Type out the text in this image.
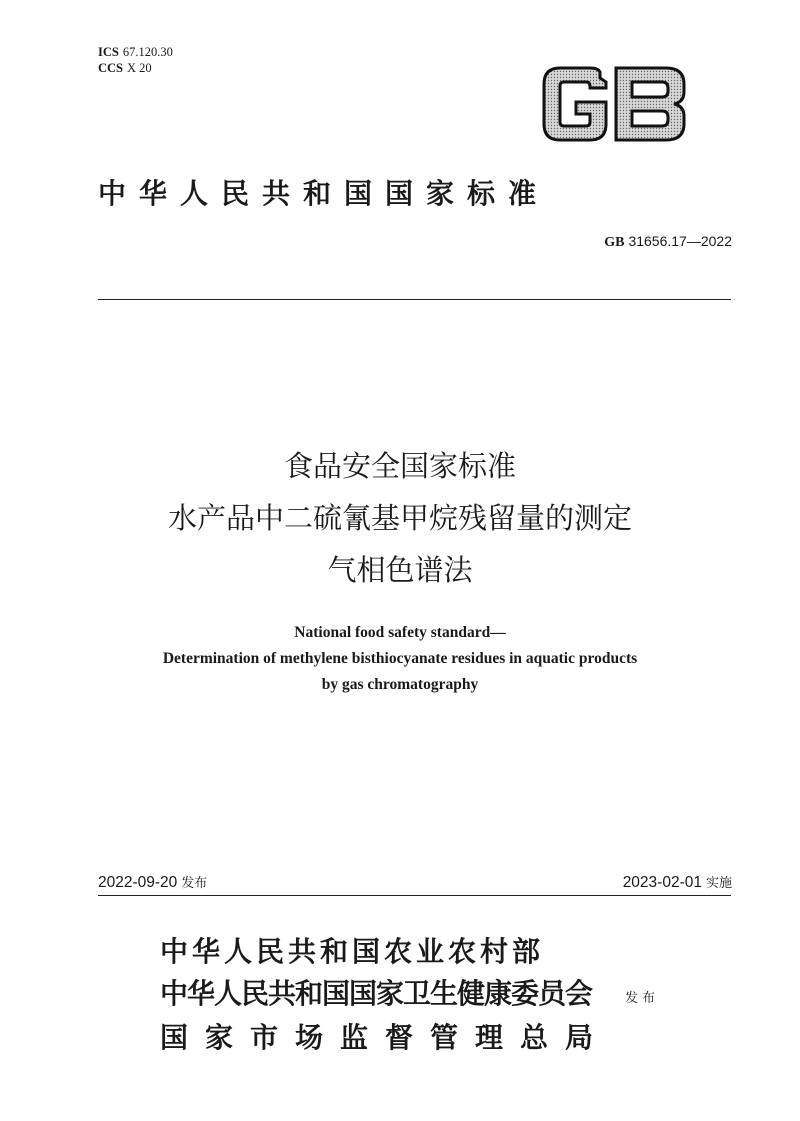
ICS 67.120.30
CCS X 20
中华人民共和国国家标准
GB 31656.17—2022
食品安全国家标准
水产品中二硫氰基甲烷残留量的测定
气相色谱法
National food safety standard—
Determination of methylene bisthiocyanate residues in aquatic products
by gas chromatography
2022-09-20 发布	2023-02-01 实施
中华人民共和国农业农村部
中华人民共和国国家卫生健康委员会
国家市场监督管理总局
发布
